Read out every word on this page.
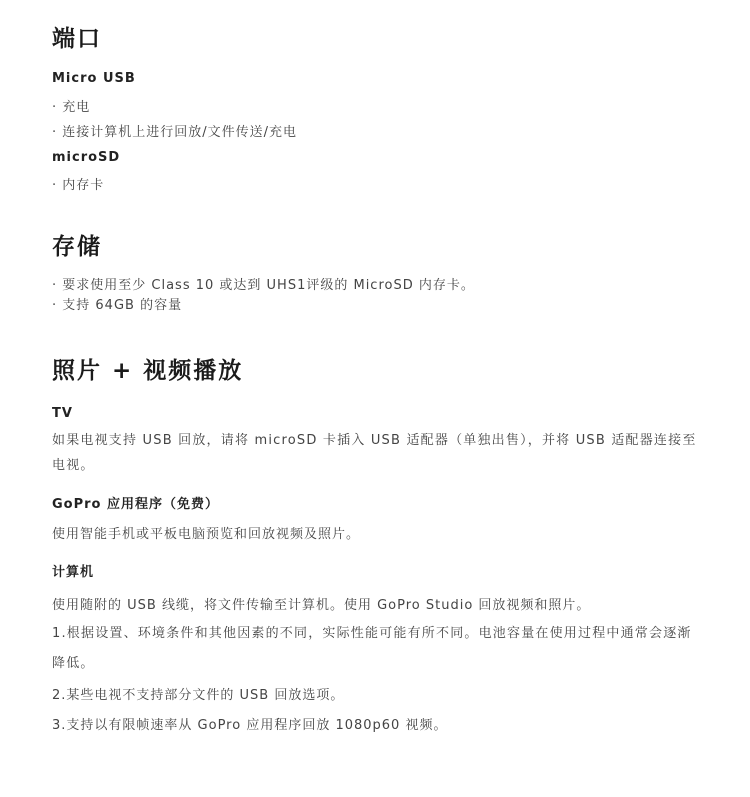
端口
Micro USB
· 充电
· 连接计算机上进行回放/文件传送/充电
microSD
· 内存卡
存储
· 要求使用至少 Class 10 或达到 UHS1评级的 MicroSD 内存卡。
· 支持 64GB 的容量
照片 + 视频播放
TV
如果电视支持 USB 回放，请将 microSD 卡插入 USB 适配器（单独出售），并将 USB 适配器连接至电视。
GoPro 应用程序（免费）
使用智能手机或平板电脑预览和回放视频及照片。
计算机
使用随附的 USB 线缆，将文件传输至计算机。使用 GoPro Studio 回放视频和照片。
1.根据设置、环境条件和其他因素的不同，实际性能可能有所不同。电池容量在使用过程中通常会逐渐降低。
2.某些电视不支持部分文件的 USB 回放选项。
3.支持以有限帧速率从 GoPro 应用程序回放 1080p60 视频。
